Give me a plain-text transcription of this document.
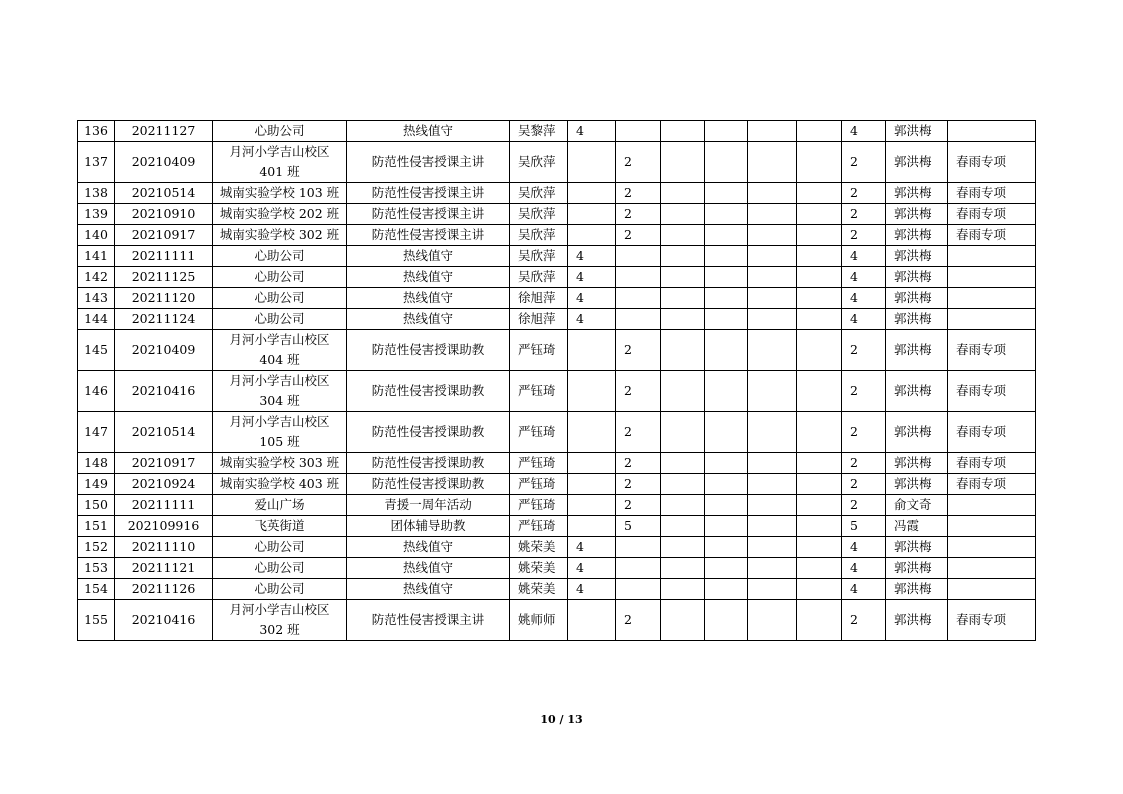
136	20211127	心助公司	热线值守	吴黎萍	4						4	郭洪梅	
137	20210409	月河小学吉山校区
401 班	防范性侵害授课主讲	吴欣萍		2					2	郭洪梅	春雨专项
138	20210514	城南实验学校 103 班	防范性侵害授课主讲	吴欣萍		2					2	郭洪梅	春雨专项
139	20210910	城南实验学校 202 班	防范性侵害授课主讲	吴欣萍		2					2	郭洪梅	春雨专项
140	20210917	城南实验学校 302 班	防范性侵害授课主讲	吴欣萍		2					2	郭洪梅	春雨专项
141	20211111	心助公司	热线值守	吴欣萍	4						4	郭洪梅	
142	20211125	心助公司	热线值守	吴欣萍	4						4	郭洪梅	
143	20211120	心助公司	热线值守	徐旭萍	4						4	郭洪梅	
144	20211124	心助公司	热线值守	徐旭萍	4						4	郭洪梅	
145	20210409	月河小学吉山校区
404 班	防范性侵害授课助教	严钰琦		2					2	郭洪梅	春雨专项
146	20210416	月河小学吉山校区
304 班	防范性侵害授课助教	严钰琦		2					2	郭洪梅	春雨专项
147	20210514	月河小学吉山校区
105 班	防范性侵害授课助教	严钰琦		2					2	郭洪梅	春雨专项
148	20210917	城南实验学校 303 班	防范性侵害授课助教	严钰琦		2					2	郭洪梅	春雨专项
149	20210924	城南实验学校 403 班	防范性侵害授课助教	严钰琦		2					2	郭洪梅	春雨专项
150	20211111	爱山广场	青援一周年活动	严钰琦		2					2	俞文奇	
151	202109916	飞英街道	团体辅导助教	严钰琦		5					5	冯霞	
152	20211110	心助公司	热线值守	姚荣美	4						4	郭洪梅	
153	20211121	心助公司	热线值守	姚荣美	4						4	郭洪梅	
154	20211126	心助公司	热线值守	姚荣美	4						4	郭洪梅	
155	20210416	月河小学吉山校区
302 班	防范性侵害授课主讲	姚师师		2					2	郭洪梅	春雨专项
10 / 13
